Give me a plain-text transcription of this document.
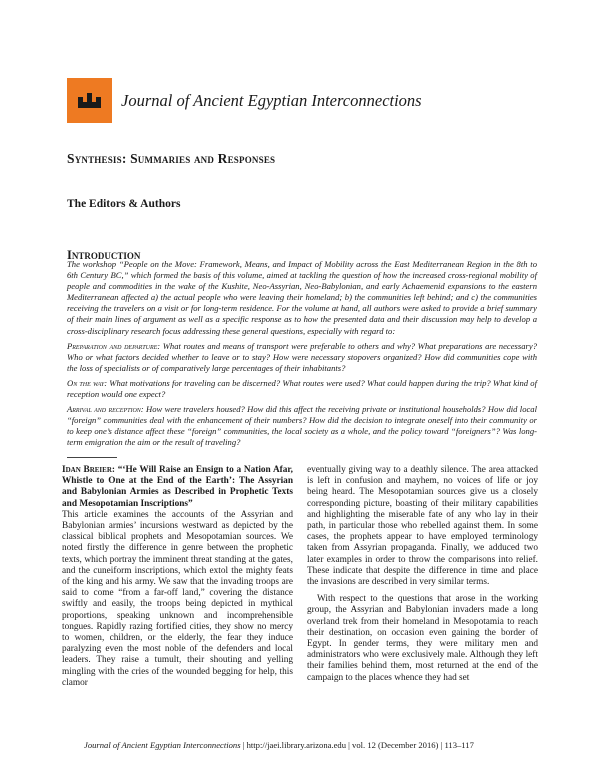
Journal of Ancient Egyptian Interconnections
Synthesis: Summaries and Responses
The Editors & Authors
Introduction

The workshop “People on the Move: Framework, Means, and Impact of Mobility across the East Mediterranean Region in the 8th to 6th Century BC,” which formed the basis of this volume, aimed at tackling the question of how the increased cross-regional mobility of people and commodities in the wake of the Kushite, Neo-Assyrian, Neo-Babylonian, and early Achaemenid expansions to the eastern Mediterranean affected a) the actual people who were leaving their homeland; b) the communities left behind; and c) the communities receiving the travelers on a visit or for long-term residence. For the volume at hand, all authors were asked to provide a brief summary of their main lines of argument as well as a specific response as to how the presented data and their discussion may help to develop a cross-disciplinary research focus addressing these general questions, especially with regard to:

Preparation and departure: What routes and means of transport were preferable to others and why? What preparations are necessary? Who or what factors decided whether to leave or to stay? How were necessary stopovers organized? How did communities cope with the loss of specialists or of comparatively large percentages of their inhabitants?

On the way: What motivations for traveling can be discerned? What routes were used? What could happen during the trip? What kind of reception would one expect?

Arrival and reception: How were travelers housed? How did this affect the receiving private or institutional households? How did local “foreign” communities deal with the enhancement of their numbers? How did the decision to integrate oneself into their community or to keep one’s distance affect these “foreign” communities, the local society as a whole, and the policy toward “foreigners”? Was long-term emigration the aim or the result of traveling?

Idan Breier: “‘He Will Raise an Ensign to a Nation Afar, Whistle to One at the End of the Earth’: The Assyrian and Babylonian Armies as Described in Prophetic Texts and Mesopotamian Inscriptions”

This article examines the accounts of the Assyrian and Babylonian armies’ incursions westward as depicted by the classical biblical prophets and Mesopotamian sources. We noted firstly the difference in genre between the prophetic texts, which portray the imminent threat standing at the gates, and the cuneiform inscriptions, which extol the mighty feats of the king and his army. We saw that the invading troops are said to come “from a far-off land,” covering the distance swiftly and easily, the troops being depicted in mythical proportions, speaking unknown and incomprehensible tongues. Rapidly razing fortified cities, they show no mercy to women, children, or the elderly, the fear they induce paralyzing even the most noble of the defenders and local leaders. They raise a tumult, their shouting and yelling mingling with the cries of the wounded begging for help, this clamor

eventually giving way to a deathly silence. The area attacked is left in confusion and mayhem, no voices of life or joy being heard. The Mesopotamian sources give us a closely corresponding picture, boasting of their military capabilities and highlighting the miserable fate of any who lay in their path, in particular those who rebelled against them. In some cases, the prophets appear to have employed terminology taken from Assyrian propaganda. Finally, we adduced two later examples in order to throw the comparisons into relief. These indicate that despite the difference in time and place the invasions are described in very similar terms.

With respect to the questions that arose in the working group, the Assyrian and Babylonian invaders made a long overland trek from their homeland in Mesopotamia to reach their destination, on occasion even gaining the border of Egypt. In gender terms, they were military men and administrators who were exclusively male. Although they left their families behind them, most returned at the end of the campaign to the places whence they had set

Journal of Ancient Egyptian Interconnections | http://jaei.library.arizona.edu | vol. 12 (December 2016) | 113–117
